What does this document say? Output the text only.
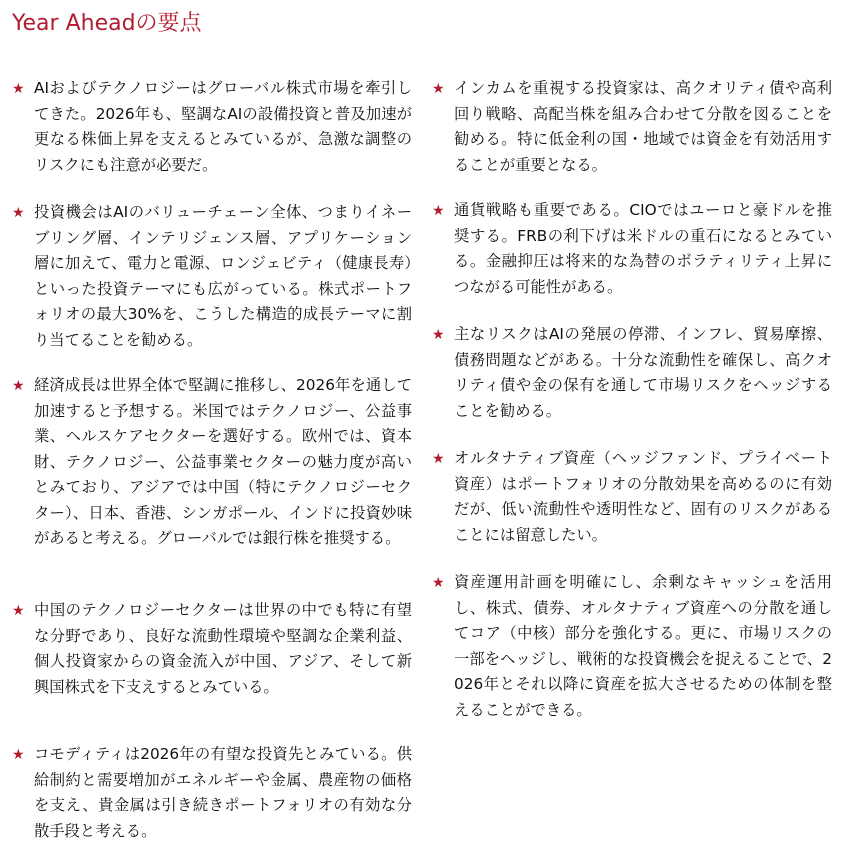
Year Aheadの要点
★ AIおよびテクノロジーはグローバル株式市場を牽引してきた。2026年も、堅調なAIの設備投資と普及加速が更なる株価上昇を支えるとみているが、急激な調整のリスクにも注意が必要だ。
★ 投資機会はAIのバリューチェーン全体、つまりイネーブリング層、インテリジェンス層、アプリケーション層に加えて、電力と電源、ロンジェビティ（健康長寿）といった投資テーマにも広がっている。株式ポートフォリオの最大30%を、こうした構造的成長テーマに割り当てることを勧める。
★ 経済成長は世界全体で堅調に推移し、2026年を通して加速すると予想する。米国ではテクノロジー、公益事業、ヘルスケアセクターを選好する。欧州では、資本財、テクノロジー、公益事業セクターの魅力度が高いとみており、アジアでは中国（特にテクノロジーセクター）、日本、香港、シンガポール、インドに投資妙味があると考える。グローバルでは銀行株を推奨する。
★ 中国のテクノロジーセクターは世界の中でも特に有望な分野であり、良好な流動性環境や堅調な企業利益、個人投資家からの資金流入が中国、アジア、そして新興国株式を下支えするとみている。
★ コモディティは2026年の有望な投資先とみている。供給制約と需要増加がエネルギーや金属、農産物の価格を支え、貴金属は引き続きポートフォリオの有効な分散手段と考える。
★ インカムを重視する投資家は、高クオリティ債や高利回り戦略、高配当株を組み合わせて分散を図ることを勧める。特に低金利の国・地域では資金を有効活用することが重要となる。
★ 通貨戦略も重要である。CIOではユーロと豪ドルを推奨する。FRBの利下げは米ドルの重石になるとみている。金融抑圧は将来的な為替のボラティリティ上昇につながる可能性がある。
★ 主なリスクはAIの発展の停滞、インフレ、貿易摩擦、債務問題などがある。十分な流動性を確保し、高クオリティ債や金の保有を通して市場リスクをヘッジすることを勧める。
★ オルタナティブ資産（ヘッジファンド、プライベート資産）はポートフォリオの分散効果を高めるのに有効だが、低い流動性や透明性など、固有のリスクがあることには留意したい。
★ 資産運用計画を明確にし、余剰なキャッシュを活用し、株式、債券、オルタナティブ資産への分散を通してコア（中核）部分を強化する。更に、市場リスクの一部をヘッジし、戦術的な投資機会を捉えることで、2026年とそれ以降に資産を拡大させるための体制を整えることができる。
